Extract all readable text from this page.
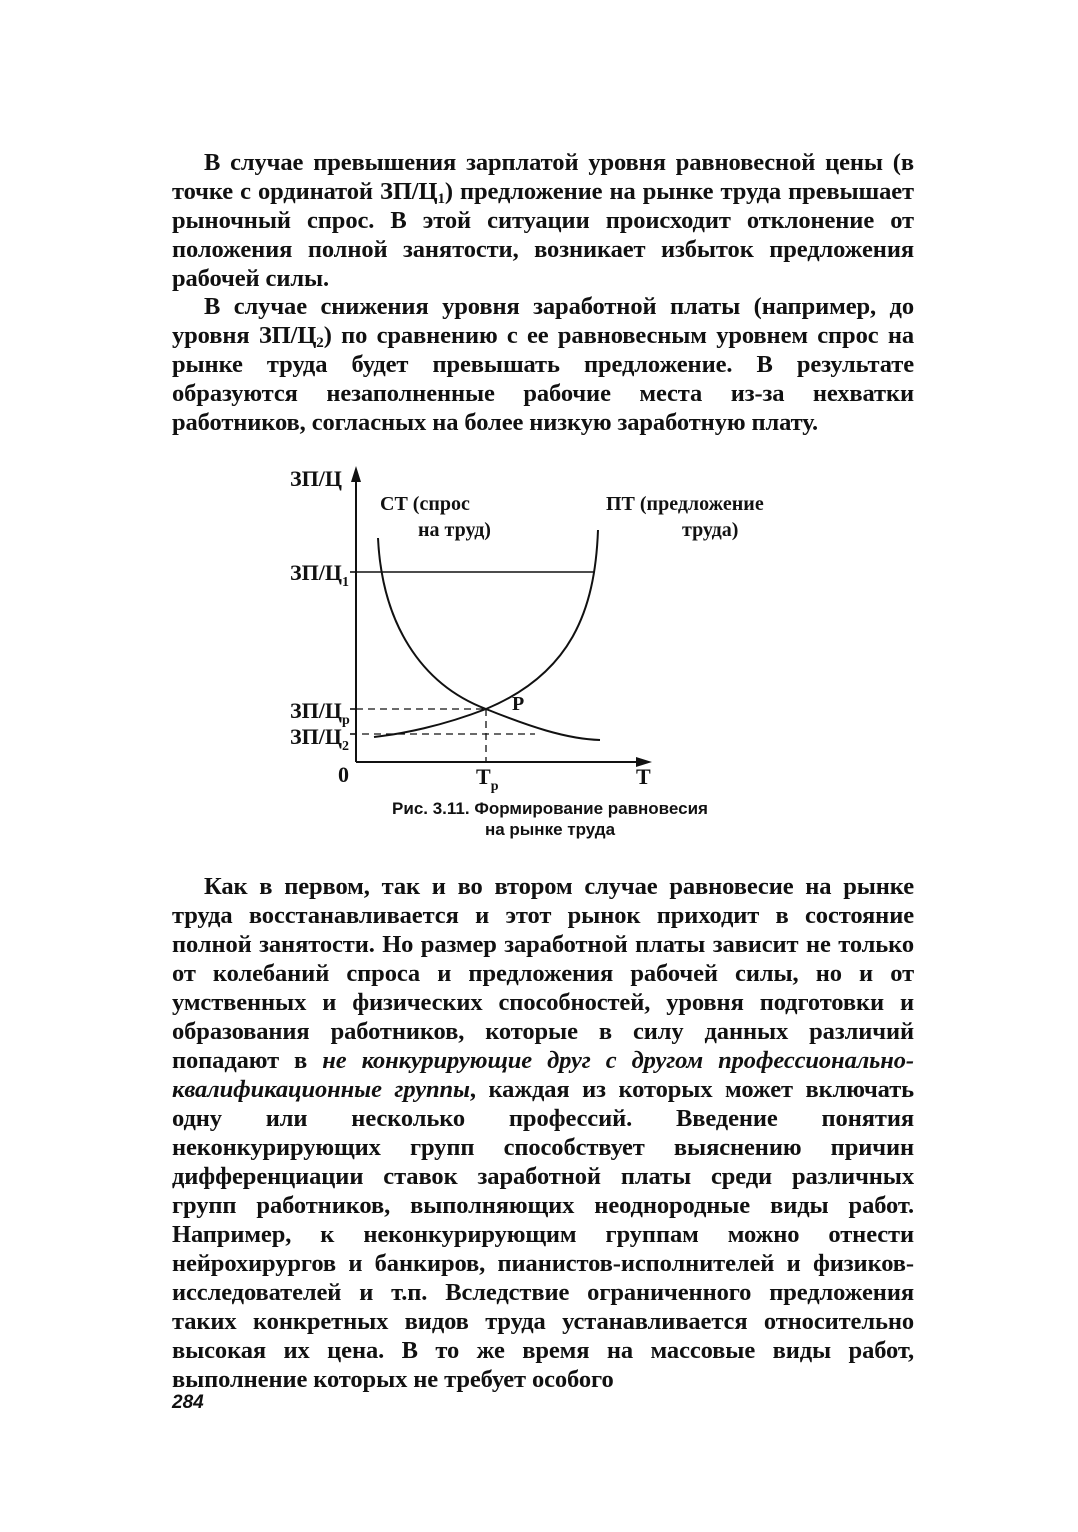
В случае превышения зарплатой уровня равновесной цены (в точке с ординатой $ЗП/Ц_1$) предложение на рынке труда превышает рыночный спрос. В этой ситуации происходит отклонение от положения полной занятости, возникает избыток предложения рабочей силы.

В случае снижения уровня заработной платы (например, до уровня $ЗП/Ц_2$) по сравнению с ее равновесным уровнем спрос на рынке труда будет превышать предложение. В результате образуются незаполненные рабочие места из-за нехватки работников, согласных на более низкую заработную плату.

ЗП/Ц
СТ (спрос
на труд)
ПТ (предложение
труда)
$ЗП/Ц_1$
$ЗП/Ц_р$
$ЗП/Ц_2$
Р
0	$Т_р$	Т
Рис. 3.11. Формирование равновесия
на рынке труда

Как в первом, так и во втором случае равновесие на рынке труда восстанавливается и этот рынок приходит в состояние полной занятости. Но размер заработной платы зависит не только от колебаний спроса и предложения рабочей силы, но и от умственных и физических способностей, уровня подготовки и образования работников, которые в силу данных различий попадают в не конкурирующие друг с другом профессионально-квалификационные группы, каждая из которых может включать одну или несколько профессий. Введение понятия неконкурирующих групп способствует выяснению причин дифференциации ставок заработной платы среди различных групп работников, выполняющих неоднородные виды работ. Например, к неконкурирующим группам можно отнести нейрохирургов и банкиров, пианистов-исполнителей и физиков-исследователей и т.п. Вследствие ограниченного предложения таких конкретных видов труда устанавливается относительно высокая их цена. В то же время на массовые виды работ, выполнение которых не требует особого

284
